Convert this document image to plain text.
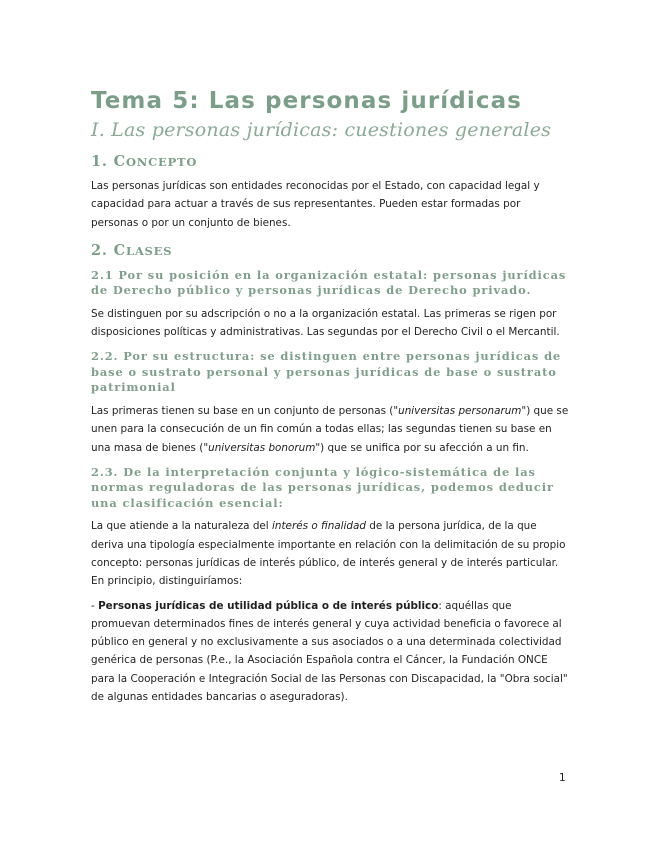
Tema 5: Las personas jurídicas
I. Las personas jurídicas: cuestiones generales
1. CONCEPTO

Las personas jurídicas son entidades reconocidas por el Estado, con capacidad legal y capacidad para actuar a través de sus representantes. Pueden estar formadas por personas o por un conjunto de bienes.

2. CLASES
2.1 Por su posición en la organización estatal: personas jurídicas de Derecho público y personas jurídicas de Derecho privado.

Se distinguen por su adscripción o no a la organización estatal. Las primeras se rigen por disposiciones políticas y administrativas. Las segundas por el Derecho Civil o el Mercantil.

2.2. Por su estructura: se distinguen entre personas jurídicas de base o sustrato personal y personas jurídicas de base o sustrato patrimonial

Las primeras tienen su base en un conjunto de personas ("universitas personarum") que se unen para la consecución de un fin común a todas ellas; las segundas tienen su base en una masa de bienes ("universitas bonorum") que se unifica por su afección a un fin.

2.3. De la interpretación conjunta y lógico-sistemática de las normas reguladoras de las personas jurídicas, podemos deducir una clasificación esencial:

La que atiende a la naturaleza del interés o finalidad de la persona jurídica, de la que deriva una tipología especialmente importante en relación con la delimitación de su propio concepto: personas jurídicas de interés público, de interés general y de interés particular. En principio, distinguiríamos:

- Personas jurídicas de utilidad pública o de interés público: aquéllas que promuevan determinados fines de interés general y cuya actividad beneficia o favorece al público en general y no exclusivamente a sus asociados o a una determinada colectividad genérica de personas (P.e., la Asociación Española contra el Cáncer, la Fundación ONCE para la Cooperación e Integración Social de las Personas con Discapacidad, la "Obra social" de algunas entidades bancarias o aseguradoras).

1
